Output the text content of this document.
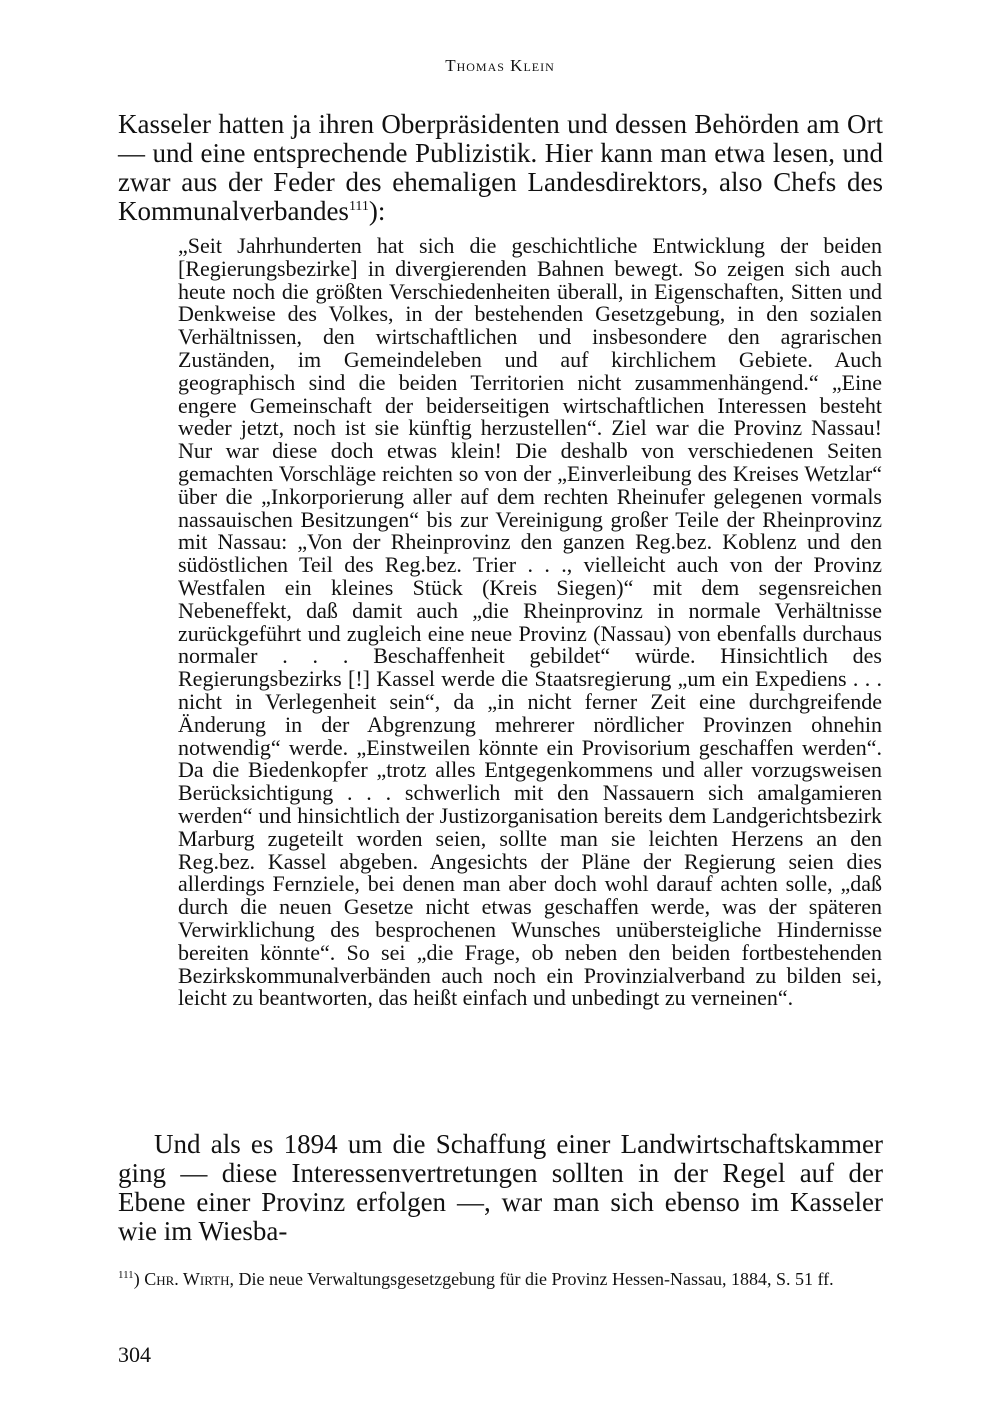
Thomas Klein
Kasseler hatten ja ihren Oberpräsidenten und dessen Behörden am Ort — und eine entsprechende Publizistik. Hier kann man etwa lesen, und zwar aus der Feder des ehemaligen Landesdirektors, also Chefs des Kommunalverbandes$^{111}$):
„Seit Jahrhunderten hat sich die geschichtliche Entwicklung der beiden [Regierungsbezirke] in divergierenden Bahnen bewegt. So zeigen sich auch heute noch die größten Verschiedenheiten überall, in Eigenschaften, Sitten und Denkweise des Volkes, in der bestehenden Gesetzgebung, in den sozialen Verhältnissen, den wirtschaftlichen und insbesondere den agrarischen Zuständen, im Gemeindeleben und auf kirchlichem Gebiete. Auch geographisch sind die beiden Territorien nicht zusammenhängend.“ „Eine engere Gemeinschaft der beiderseitigen wirtschaftlichen Interessen besteht weder jetzt, noch ist sie künftig herzustellen“. Ziel war die Provinz Nassau! Nur war diese doch etwas klein! Die deshalb von verschiedenen Seiten gemachten Vorschläge reichten so von der „Einverleibung des Kreises Wetzlar“ über die „Inkorporierung aller auf dem rechten Rheinufer gelegenen vormals nassauischen Besitzungen“ bis zur Vereinigung großer Teile der Rheinprovinz mit Nassau: „Von der Rheinprovinz den ganzen Reg.bez. Koblenz und den südöstlichen Teil des Reg.bez. Trier . . ., vielleicht auch von der Provinz Westfalen ein kleines Stück (Kreis Siegen)“ mit dem segensreichen Nebeneffekt, daß damit auch „die Rheinprovinz in normale Verhältnisse zurückgeführt und zugleich eine neue Provinz (Nassau) von ebenfalls durchaus normaler . . . Beschaffenheit gebildet“ würde. Hinsichtlich des Regierungsbezirks [!] Kassel werde die Staatsregierung „um ein Expediens . . . nicht in Verlegenheit sein“, da „in nicht ferner Zeit eine durchgreifende Änderung in der Abgrenzung mehrerer nördlicher Provinzen ohnehin notwendig“ werde. „Einstweilen könnte ein Provisorium geschaffen werden“. Da die Biedenkopfer „trotz alles Entgegenkommens und aller vorzugsweisen Berücksichtigung . . . schwerlich mit den Nassauern sich amalgamieren werden“ und hinsichtlich der Justizorganisation bereits dem Landgerichtsbezirk Marburg zugeteilt worden seien, sollte man sie leichten Herzens an den Reg.bez. Kassel abgeben. Angesichts der Pläne der Regierung seien dies allerdings Fernziele, bei denen man aber doch wohl darauf achten solle, „daß durch die neuen Gesetze nicht etwas geschaffen werde, was der späteren Verwirklichung des besprochenen Wunsches unübersteigliche Hindernisse bereiten könnte“. So sei „die Frage, ob neben den beiden fortbestehenden Bezirkskommunalverbänden auch noch ein Provinzialverband zu bilden sei, leicht zu beantworten, das heißt einfach und unbedingt zu verneinen“.
Und als es 1894 um die Schaffung einer Landwirtschaftskammer ging — diese Interessenvertretungen sollten in der Regel auf der Ebene einer Provinz erfolgen —, war man sich ebenso im Kasseler wie im Wiesba-
$^{111}$) Chr. Wirth, Die neue Verwaltungsgesetzgebung für die Provinz Hessen-Nassau, 1884, S. 51 ff.
304
